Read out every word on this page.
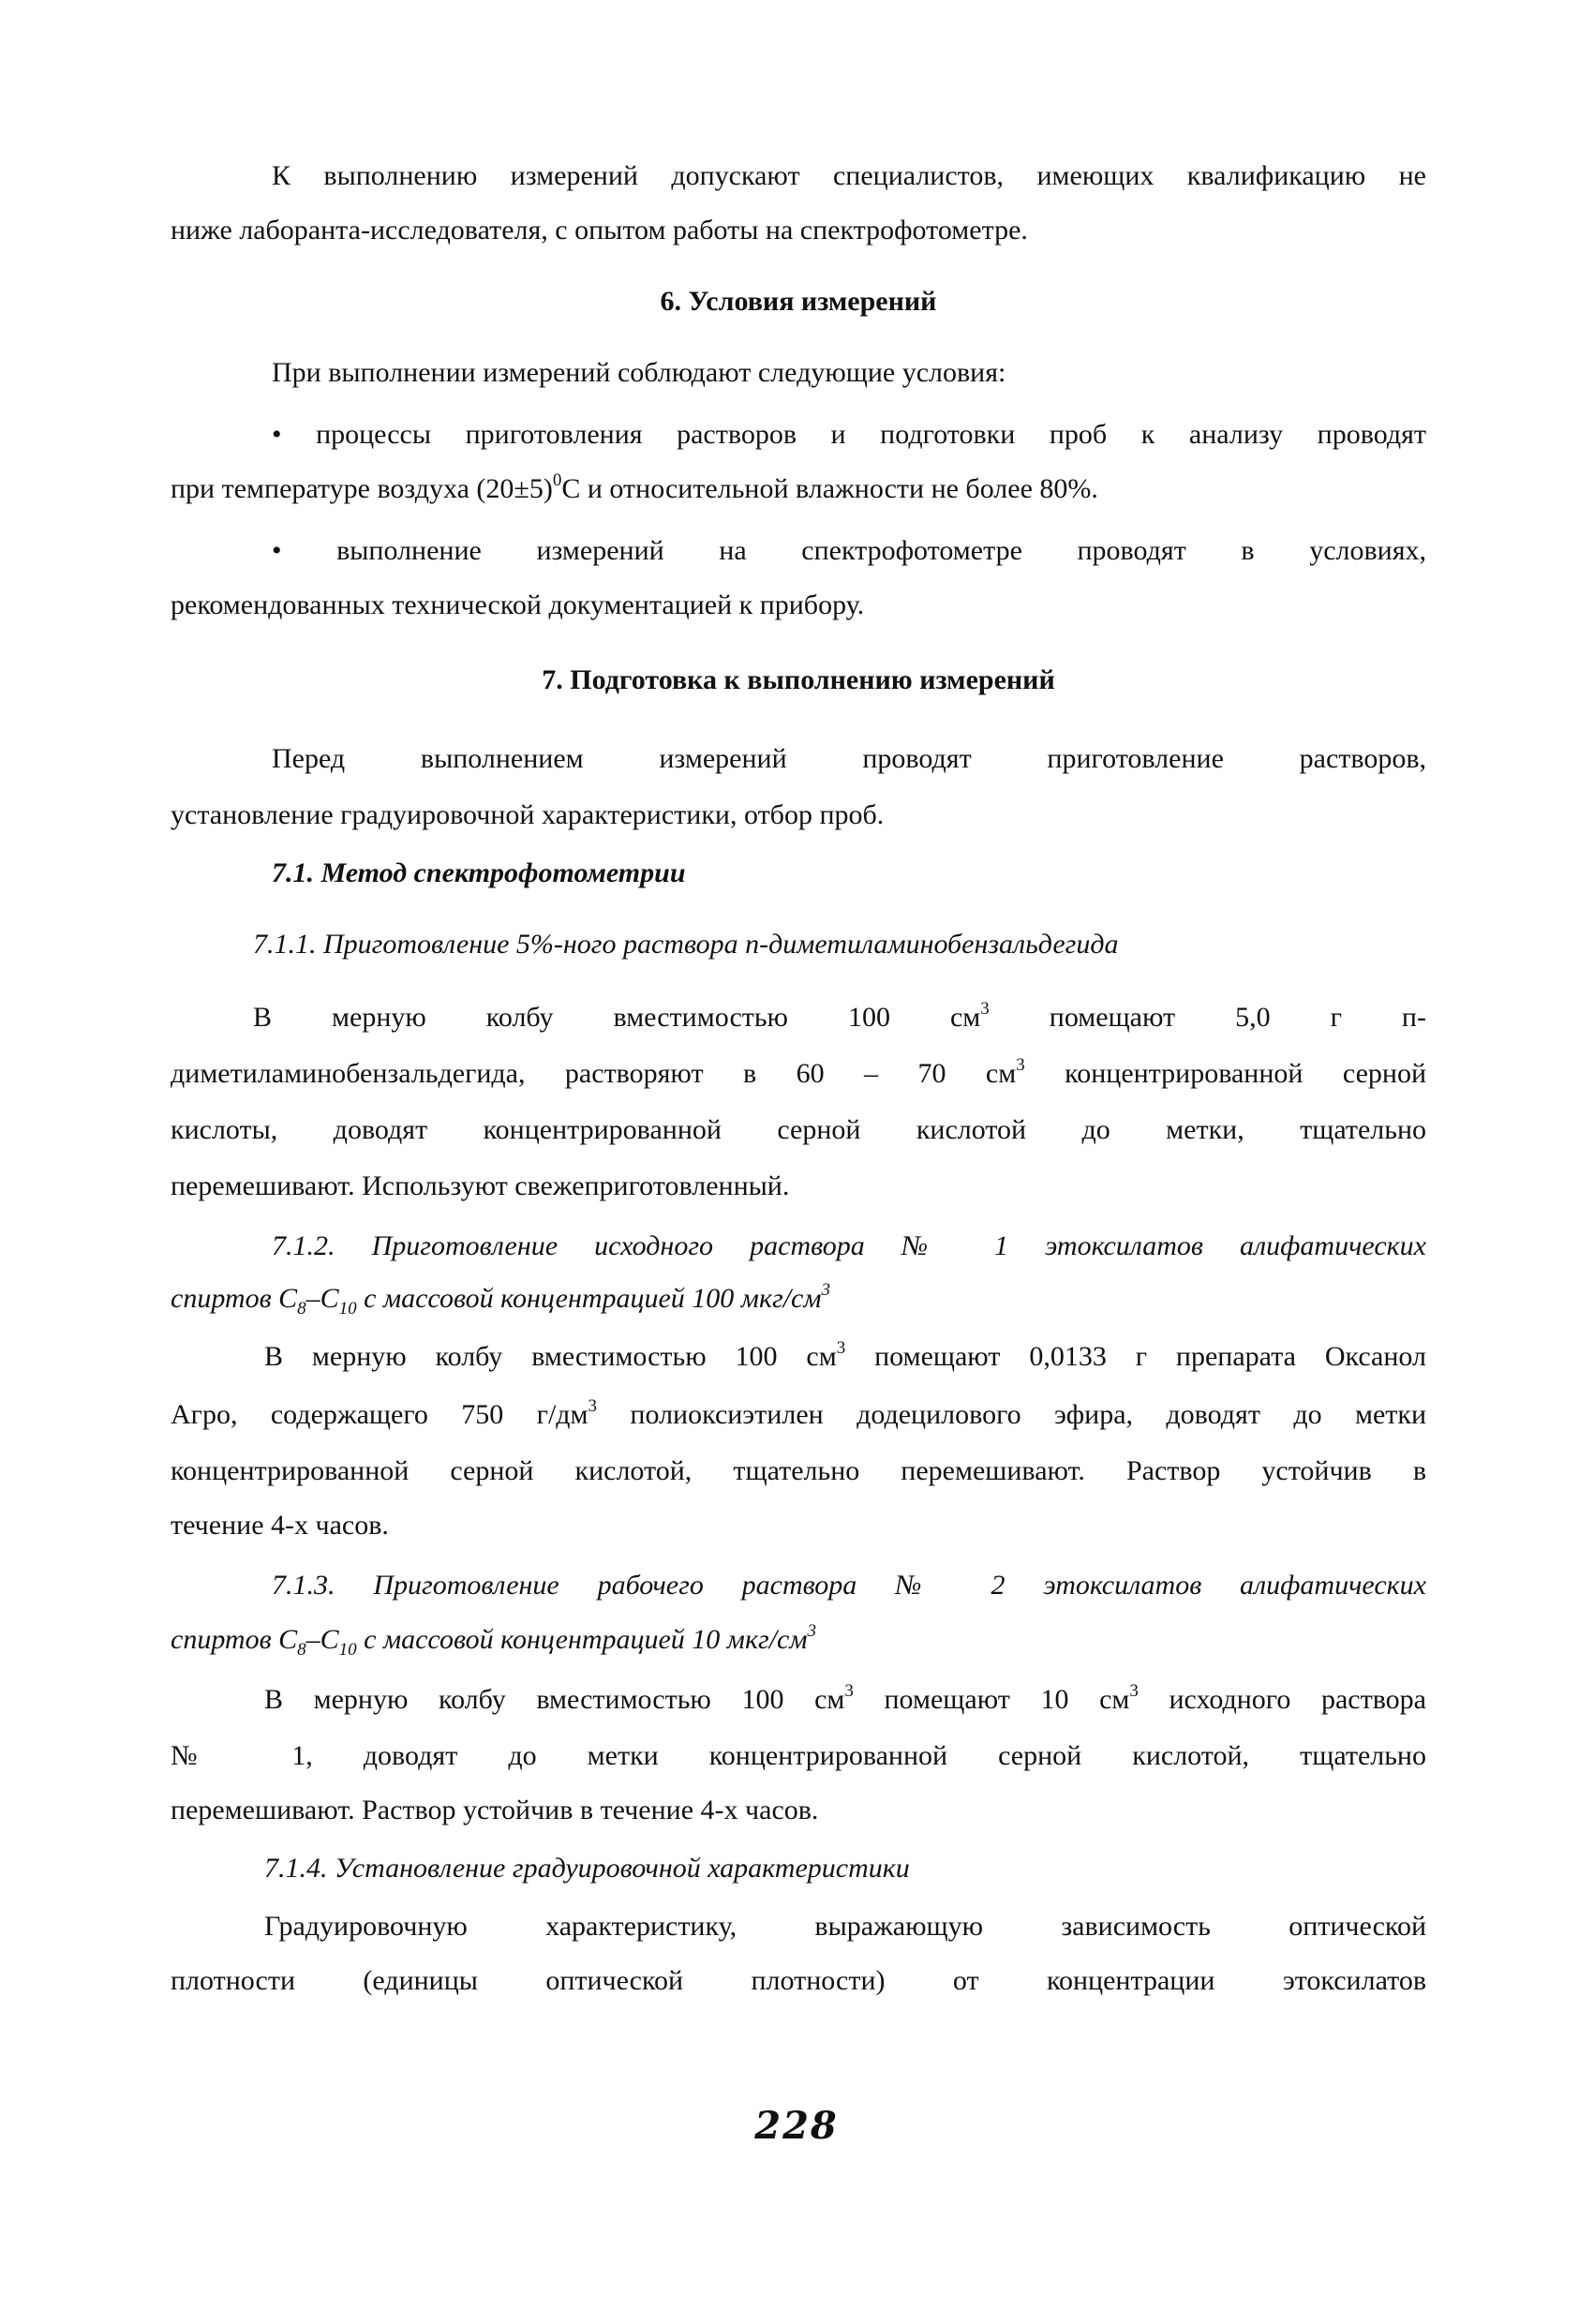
К выполнению измерений допускают специалистов, имеющих квалификацию не
ниже лаборанта-исследователя, с опытом работы на спектрофотометре.
6. Условия измерений
При выполнении измерений соблюдают следующие условия:
• процессы приготовления растворов и подготовки проб к анализу проводят
при температуре воздуха $(20\pm 5)^0С$ и относительной влажности не более 80%.
• выполнение измерений на спектрофотометре проводят в условиях,
рекомендованных технической документацией к прибору.
7. Подготовка к выполнению измерений
Перед выполнением измерений проводят приготовление растворов,
установление градуировочной характеристики, отбор проб.
7.1. Метод спектрофотометрии
7.1.1. Приготовление 5%-ного раствора п-диметиламинобензальдегида
В мерную колбу вместимостью 100 $см^3$ помещают 5,0 г п-
диметиламинобензальдегида, растворяют в 60 – 70 $см^3$ концентрированной серной
кислоты, доводят концентрированной серной кислотой до метки, тщательно
перемешивают. Используют свежеприготовленный.
7.1.2. Приготовление исходного раствора № 1 этоксилатов алифатических
спиртов $С_8-С_{10}$ с массовой концентрацией 100 мкг/$см^3$
В мерную колбу вместимостью 100 $см^3$ помещают 0,0133 г препарата Оксанол
Агро, содержащего 750 $г/дм^3$ полиоксиэтилен додецилового эфира, доводят до метки
концентрированной серной кислотой, тщательно перемешивают. Раствор устойчив в
течение 4-х часов.
7.1.3. Приготовление рабочего раствора № 2 этоксилатов алифатических
спиртов $С_8-С_{10}$ с массовой концентрацией 10 мкг/$см^3$
В мерную колбу вместимостью 100 $см^3$ помещают 10 $см^3$ исходного раствора
№ 1, доводят до метки концентрированной серной кислотой, тщательно
перемешивают. Раствор устойчив в течение 4-х часов.
7.1.4. Установление градуировочной характеристики
Градуировочную характеристику, выражающую зависимость оптической
плотности (единицы оптической плотности) от концентрации этоксилатов
228
